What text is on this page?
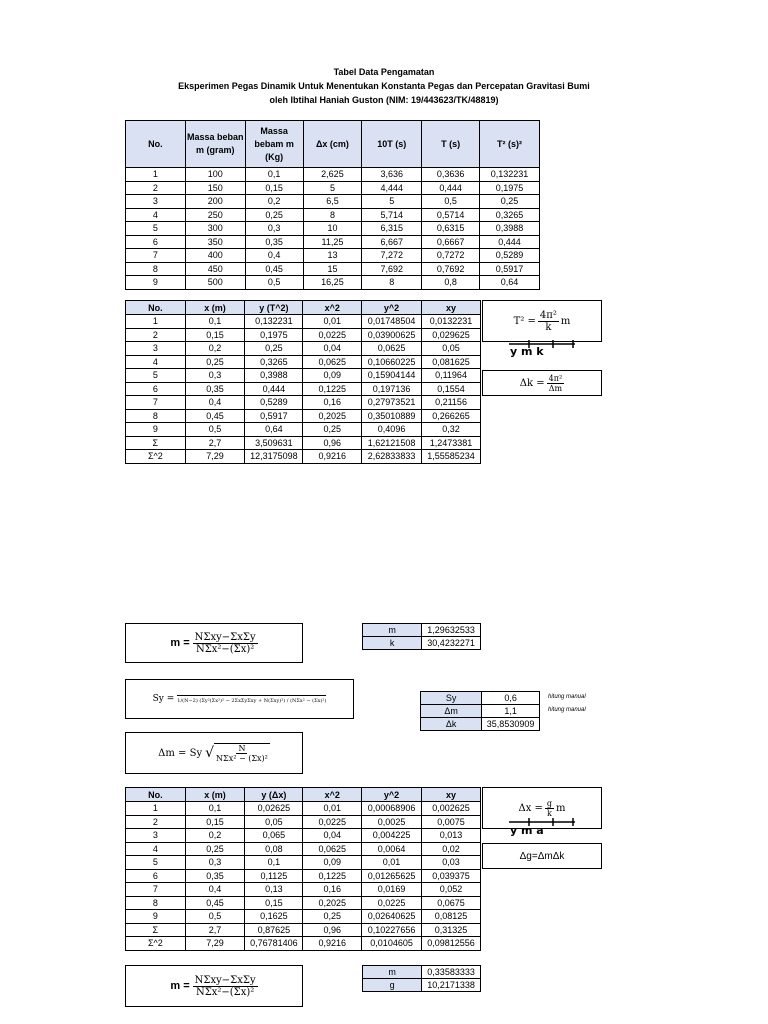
Tabel Data Pengamatan
Eksperimen Pegas Dinamik Untuk Menentukan Konstanta Pegas dan Percepatan Gravitasi Bumi
oleh Ibtihal Haniah Guston (NIM: 19/443623/TK/48819)
No.	Massa beban m (gram)	Massa bebam m (Kg)	Δx (cm)	10T (s)	T (s)	T² (s)²
1	100	0,1	2,625	3,636	0,3636	0,132231
2	150	0,15	5	4,444	0,444	0,1975
3	200	0,2	6,5	5	0,5	0,25
4	250	0,25	8	5,714	0,5714	0,3265
5	300	0,3	10	6,315	0,6315	0,3988
6	350	0,35	11,25	6,667	0,6667	0,444
7	400	0,4	13	7,272	0,7272	0,5289
8	450	0,45	15	7,692	0,7692	0,5917
9	500	0,5	16,25	8	0,8	0,64
No.	x (m)	y (T^2)	x^2	y^2	xy
1	0,1	0,132231	0,01	0,01748504	0,0132231
2	0,15	0,1975	0,0225	0,03900625	0,029625
3	0,2	0,25	0,04	0,0625	0,05
4	0,25	0,3265	0,0625	0,10660225	0,081625
5	0,3	0,3988	0,09	0,15904144	0,11964
6	0,35	0,444	0,1225	0,197136	0,1554
7	0,4	0,5289	0,16	0,27973521	0,21156
8	0,45	0,5917	0,2025	0,35010889	0,266265
9	0,5	0,64	0,25	0,4096	0,32
Σ	2,7	3,509631	0,96	1,62121508	1,2473381
Σ^2	7,29	12,3175098	0,9216	2,62833833	1,55585234
$T^2 = \frac{\text{4π²}}{k}$ m
y m k
$\Delta k = \frac{\text{4π²}}{\Delta m}$
$m = \frac{\text{NΣxy−ΣxΣy}}{\text{NΣx²−(Σx)²}}$
m	1,29632533
k	30,4232271
Sy = 1/(N−2) (Σy²(Σx²)² − 2ΣxΣyΣxy + N(Σxy)²) / (NΣx² − (Σx)²)	Sy	0,6
Δm	1,1
Δk	35,8530909
hitung manual
hitung manual
Δm = Sy √ $\frac{N}{\text{NΣx² − (Σx)²}}$
No.	x (m)	y (Δx)	x^2	y^2	xy
1	0,1	0,02625	0,01	0,00068906	0,002625
2	0,15	0,05	0,0225	0,0025	0,0075
3	0,2	0,065	0,04	0,004225	0,013
4	0,25	0,08	0,0625	0,0064	0,02
5	0,3	0,1	0,09	0,01	0,03
6	0,35	0,1125	0,1225	0,01265625	0,039375
7	0,4	0,13	0,16	0,0169	0,052
8	0,45	0,15	0,2025	0,0225	0,0675
9	0,5	0,1625	0,25	0,02640625	0,08125
Σ	2,7	0,87625	0,96	0,10227656	0,31325
Σ^2	7,29	0,76781406	0,9216	0,0104605	0,09812556
$\Delta x = \frac{g}{k}$ m
y m a
Δg=ΔmΔk
$m = \frac{\text{NΣxy−ΣxΣy}}{\text{NΣx²−(Σx)²}}$
m	0,33583333
g	10,2171338
